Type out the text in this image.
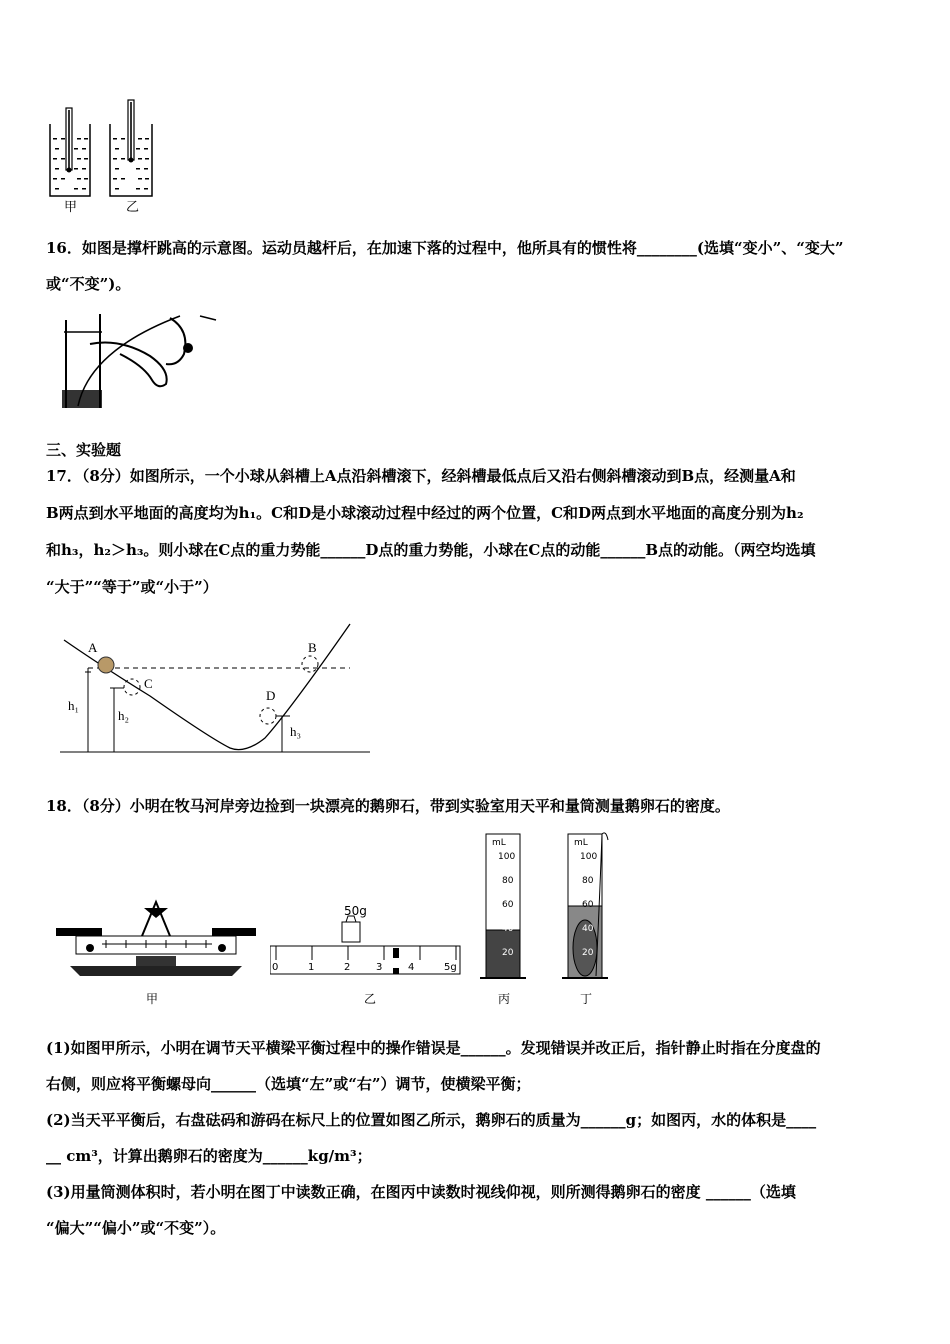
甲	乙
16．如图是撑杆跳高的示意图。运动员越杆后，在加速下落的过程中，他所具有的惯性将________(选填“变小”、“变大”
或“不变”)。
三、实验题
17．（8分）如图所示，一个小球从斜槽上A点沿斜槽滚下，经斜槽最低点后又沿右侧斜槽滚动到B点，经测量A和
B两点到水平地面的高度均为h₁。C和D是小球滚动过程中经过的两个位置，C和D两点到水平地面的高度分别为h₂
和h₃，h₂＞h₃。则小球在C点的重力势能______D点的重力势能，小球在C点的动能______B点的动能。（两空均选填
“大于”“等于”或“小于”）
A	B
C
D
h₁
h₂
h₃
18．（8分）小明在牧马河岸旁边捡到一块漂亮的鹅卵石，带到实验室用天平和量筒测量鹅卵石的密度。
50g
0	1	2	3	4	5g
mL
100
80
60
40
20
mL
100
80
60
40
20
甲	乙	丙	丁
(1)如图甲所示，小明在调节天平横梁平衡过程中的操作错误是______。发现错误并改正后，指针静止时指在分度盘的
右侧，则应将平衡螺母向______（选填“左”或“右”）调节，使横梁平衡；
(2)当天平平衡后，右盘砝码和游码在标尺上的位置如图乙所示，鹅卵石的质量为______g；如图丙，水的体积是____
__ cm³，计算出鹅卵石的密度为______kg/m³；
(3)用量筒测体积时，若小明在图丁中读数正确，在图丙中读数时视线仰视，则所测得鹅卵石的密度 ______（选填
“偏大”“偏小”或“不变”）。
